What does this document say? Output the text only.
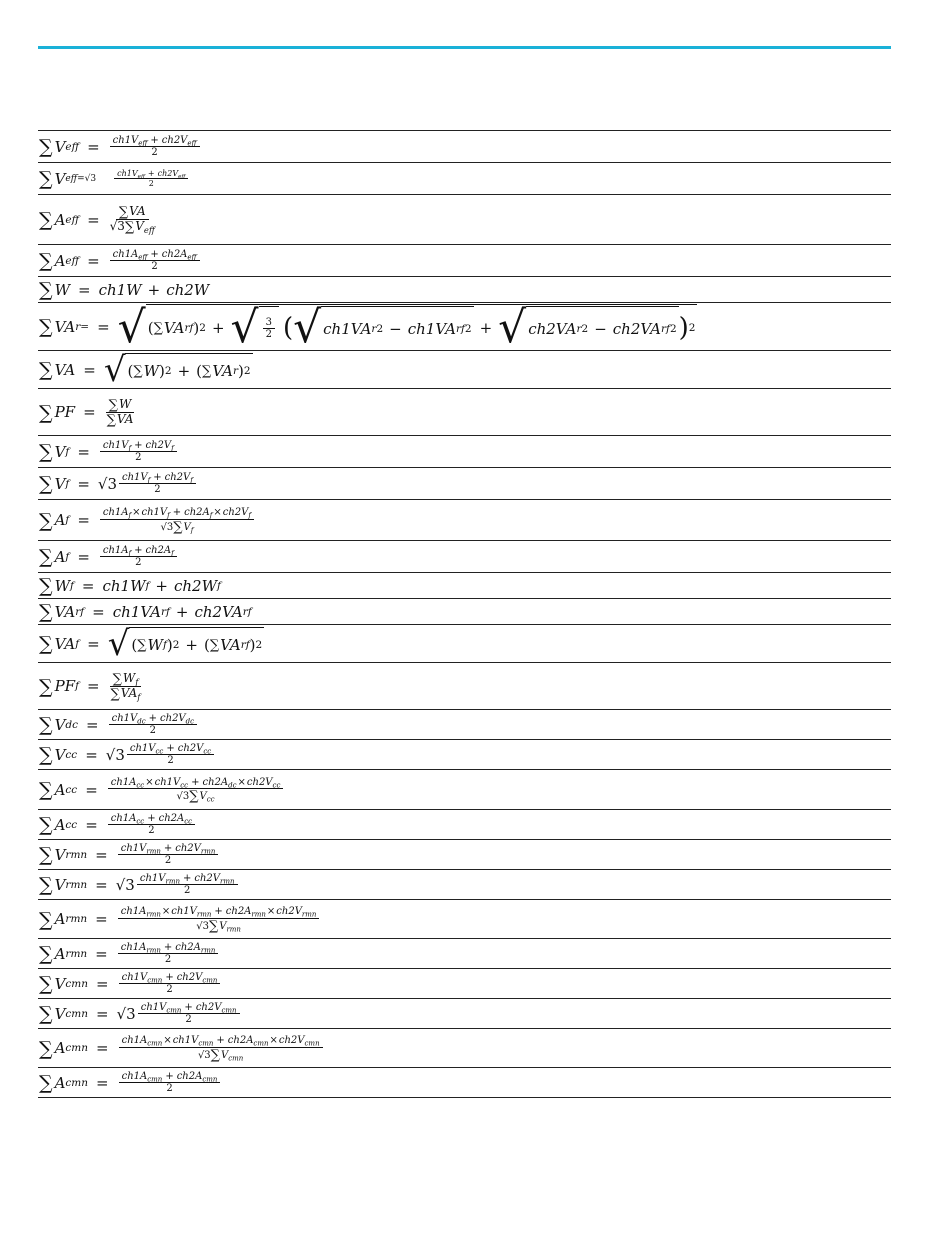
∑ V eff = $\frac{ch1V_{eff} + ch2V_{eff}}{2}$
∑ V $eff=√3 \frac{ch1V_{eff} + ch2V_{eff}}{2}$
∑ A eff = $\frac{\sum VA}{√3\sum V_{eff}}$
∑ A eff = $\frac{ch1A_{eff} + ch2A_{eff}}{2}$
∑ W = ch1W + ch2W
∑ VA r= = √ ( ∑ VA rf ) 2 + √ $\frac{3}{2}$ ( √ ch1VA r 2 − ch1VA rf 2 + √ ch2VA r 2 − ch2VA rf 2 ) 2
∑ VA = √ ( ∑ W ) 2 + ( ∑ VA r ) 2
∑ PF = $\frac{\sum W}{\sum VA}$
∑ V $f = \frac{ch1V_f + ch2V_f}{2}$
∑ V $f = √3 \frac{ch1V_f + ch2V_f}{2}$
∑ A $f = \frac{ch1A_f\times ch1V_f + ch2A_f\times ch2V_f}{√3\sum V_f}$
∑ A $f = \frac{ch1A_f + ch2A_f}{2}$
∑ W f = ch1W f + ch2W f
∑ VA rf = ch1VA rf + ch2VA rf
∑ VA f = √ ( ∑ W f ) 2 + ( ∑ VA rf ) 2
∑ PF $f = \frac{\sum W_f}{\sum VA_f}$
∑ V dc = $\frac{ch1V_{dc} + ch2V_{dc}}{2}$
∑ V cc = $√3 \frac{ch1V_{cc} + ch2V_{cc}}{2}$
∑ A cc = $\frac{ch1A_{cc}\times ch1V_{cc} + ch2A_{dc}\times ch2V_{cc}}{√3\sum V_{cc}}$
∑ A cc = $\frac{ch1A_{cc} + ch2A_{cc}}{2}$
∑ V rmn = $\frac{ch1V_{rmn} + ch2V_{rmn}}{2}$
∑ V rmn = $√3 \frac{ch1V_{rmn} + ch2V_{rmn}}{2}$
∑ A rmn = $\frac{ch1A_{rmn}\times ch1V_{rmn} + ch2A_{rmn}\times ch2V_{rmn}}{√3\sum V_{rmn}}$
∑ A rmn = $\frac{ch1A_{rmn} + ch2A_{rmn}}{2}$
∑ V cmn = $\frac{ch1V_{cmn} + ch2V_{cmn}}{2}$
∑ V cmn = $√3 \frac{ch1V_{cmn} + ch2V_{cmn}}{2}$
∑ A cmn = $\frac{ch1A_{cmn}\times ch1V_{cmn} + ch2A_{cmn}\times ch2V_{cmn}}{√3\sum V_{cmn}}$
∑ A cmn = $\frac{ch1A_{cmn} + ch2A_{cmn}}{2}$
